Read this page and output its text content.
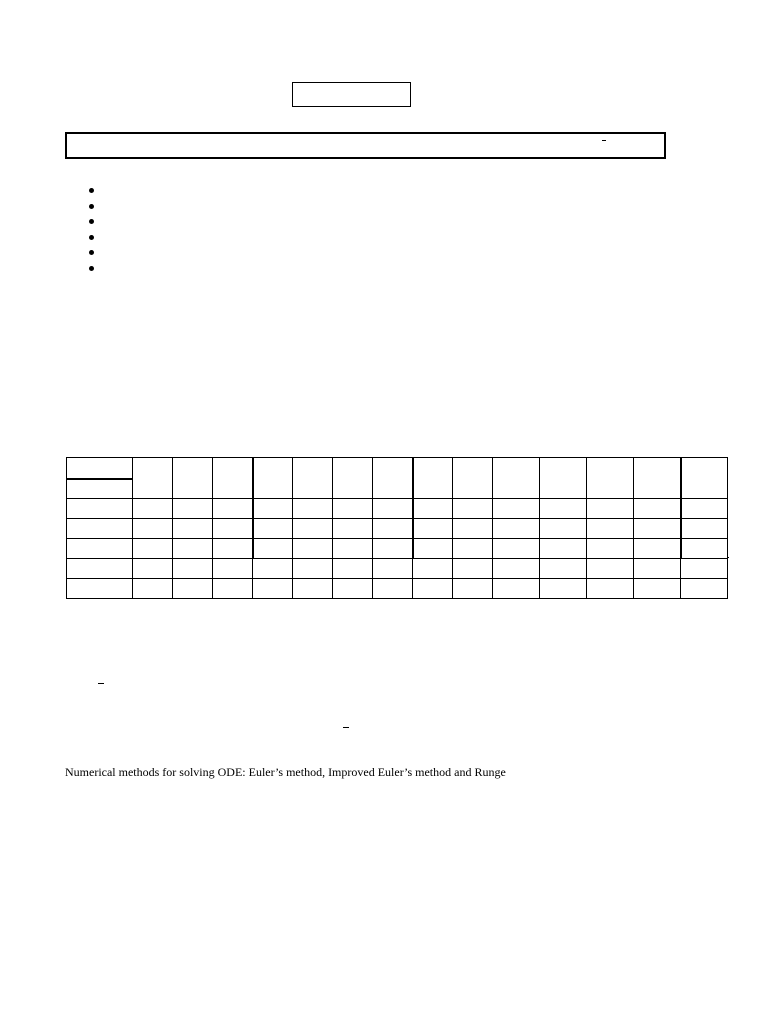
Numerical methods for solving ODE: Euler’s method, Improved Euler’s method and Runge
